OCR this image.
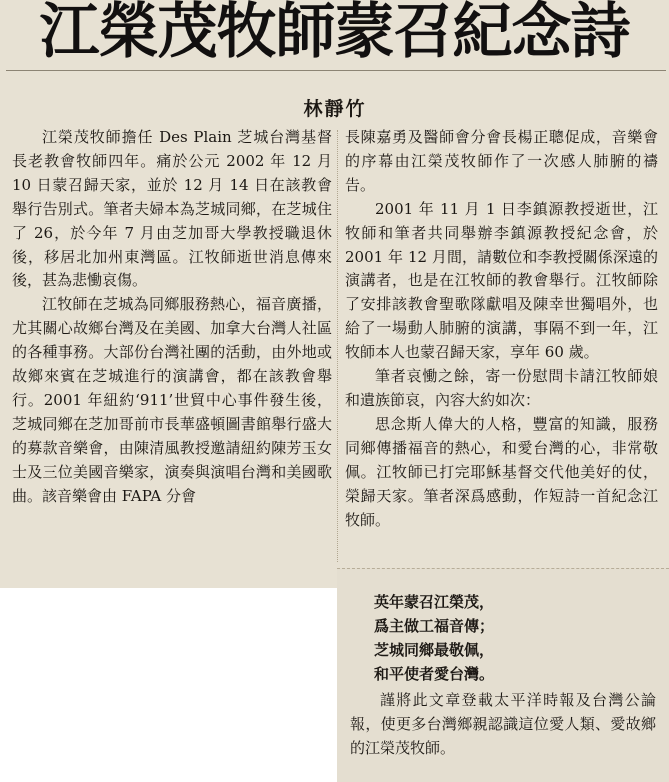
江榮茂牧師蒙召紀念詩
林靜竹

江榮茂牧師擔任 Des Plain 芝城台灣基督長老教會牧師四年。痛於公元 2002 年 12 月 10 日蒙召歸天家，並於 12 月 14 日在該教會舉行告別式。筆者夫婦本為芝城同鄉，在芝城住了 26，於今年 7 月由芝加哥大學教授職退休後，移居北加州東灣區。江牧師逝世消息傳來後，甚為悲慟哀傷。

江牧師在芝城為同鄉服務熱心，福音廣播，尤其關心故鄉台灣及在美國、加拿大台灣人社區的各種事務。大部份台灣社團的活動，由外地或故鄉來賓在芝城進行的演講會，都在該教會舉行。2001 年紐約‘911’世貿中心事件發生後，芝城同鄉在芝加哥前市長華盛頓圖書館舉行盛大的募款音樂會，由陳清風教授邀請紐約陳芳玉女士及三位美國音樂家，演奏與演唱台灣和美國歌曲。該音樂會由 FAPA 分會

長陳嘉勇及醫師會分會長楊正聰促成，音樂會的序幕由江榮茂牧師作了一次感人肺腑的禱告。

2001 年 11 月 1 日李鎮源教授逝世，江牧師和筆者共同舉辦李鎮源教授紀念會，於 2001 年 12 月間，請數位和李教授關係深遠的演講者，也是在江牧師的教會舉行。江牧師除了安排該教會聖歌隊獻唱及陳幸世獨唱外，也給了一場動人肺腑的演講，事隔不到一年，江牧師本人也蒙召歸天家，享年 60 歲。

筆者哀慟之餘，寄一份慰問卡請江牧師娘和遺族節哀，內容大約如次：

思念斯人偉大的人格，豐富的知識，服務同鄉傳播福音的熱心，和愛台灣的心，非常敬佩。江牧師已打完耶穌基督交代他美好的仗，榮歸天家。筆者深爲感動，作短詩一首紀念江牧師。

英年蒙召江榮茂，
爲主做工福音傳；
芝城同鄉最敬佩，
和平使者愛台灣。

謹將此文章登載太平洋時報及台灣公論報，使更多台灣鄉親認識這位愛人類、愛故鄉的江榮茂牧師。
